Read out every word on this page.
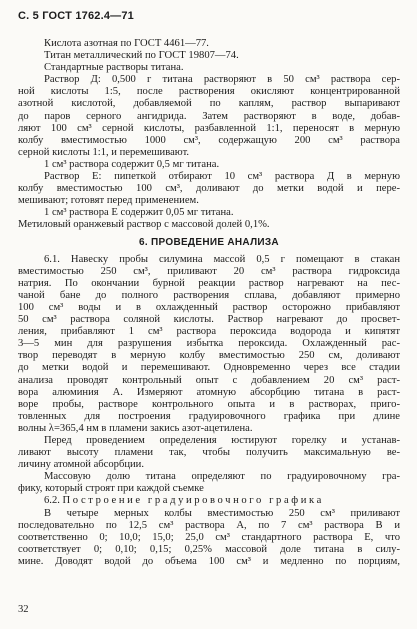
С. 5 ГОСТ 1762.4—71
Кислота азотная по ГОСТ 4461—77.
Титан металлический по ГОСТ 19807—74.
Стандартные растворы титана.
Раствор Д: 0,500 г титана растворяют в 50 см³ раствора сер-
ной кислоты 1:5, после растворения окисляют концентрированной
азотной кислотой, добавляемой по каплям, раствор выпаривают
до паров серного ангидрида. Затем растворяют в воде, добав-
ляют 100 см³ серной кислоты, разбавленной 1:1, переносят в мерную
колбу вместимостью 1000 см³, содержащую 200 см³ раствора
серной кислоты 1:1, и перемешивают.
1 см³ раствора содержит 0,5 мг титана.
Раствор Е: пипеткой отбирают 10 см³ раствора Д в мерную
колбу вместимостью 100 см³, доливают до метки водой и пере-
мешивают; готовят перед применением.
1 см³ раствора Е содержит 0,05 мг титана.
Метиловый оранжевый раствор с массовой долей 0,1%.
6. ПРОВЕДЕНИЕ АНАЛИЗА
6.1. Навеску пробы силумина массой 0,5 г помещают в стакан
вместимостью 250 см³, приливают 20 см³ раствора гидроксида
натрия. По окончании бурной реакции раствор нагревают на пес-
чаной бане до полного растворения сплава, добавляют примерно
100 см³ воды и в охлажденный раствор осторожно прибавляют
50 см³ раствора соляной кислоты. Раствор нагревают до просвет-
ления, прибавляют 1 см³ раствора пероксида водорода и кипятят
3—5 мин для разрушения избытка пероксида. Охлажденный рас-
твор переводят в мерную колбу вместимостью 250 см, доливают
до метки водой и перемешивают. Одновременно через все стадии
анализа проводят контрольный опыт с добавлением 20 см³ раст-
вора алюминия А. Измеряют атомную абсорбцию титана в раст-
воре пробы, растворе контрольного опыта и в растворах, приго-
товленных для построения градуировочного графика при длине
волны λ=365,4 нм в пламени закись азот-ацетилена.
Перед проведением определения юстируют горелку и устанав-
ливают высоту пламени так, чтобы получить максимальную ве-
личину атомной абсорбции.
Массовую долю титана определяют по градуировочному гра-
фику, который строят при каждой съемке
6.2. Построение градуировочного графика
В четыре мерных колбы вместимостью 250 см³ приливают
последовательно по 12,5 см³ раствора А, по 7 см³ раствора В и
соответственно 0; 10,0; 15,0; 25,0 см³ стандартного раствора Е, что
соответствует 0; 0,10; 0,15; 0,25% массовой доле титана в силу-
мине. Доводят водой до объема 100 см³ и медленно по порциям,
32
